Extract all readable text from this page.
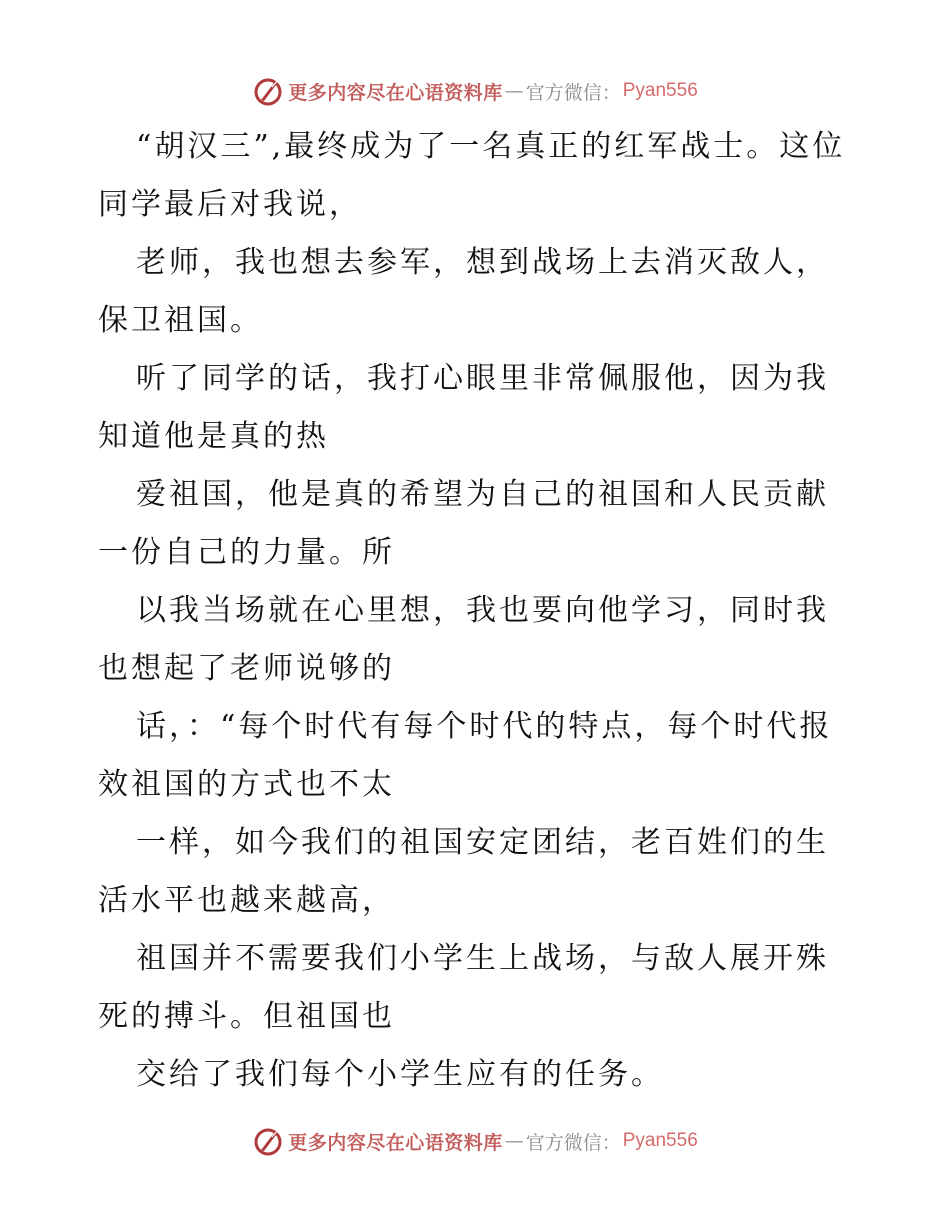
更多内容尽在心语资料库 — 官方微信： Pyan556

“胡汉三”,最终成为了一名真正的红军战士。这位同学最后对我说，

老师，我也想去参军，想到战场上去消灭敌人，保卫祖国。

听了同学的话，我打心眼里非常佩服他，因为我知道他是真的热

爱祖国，他是真的希望为自己的祖国和人民贡献一份自己的力量。所

以我当场就在心里想，我也要向他学习，同时我也想起了老师说够的

话，：“每个时代有每个时代的特点，每个时代报效祖国的方式也不太

一样，如今我们的祖国安定团结，老百姓们的生活水平也越来越高，

祖国并不需要我们小学生上战场，与敌人展开殊死的搏斗。但祖国也

交给了我们每个小学生应有的任务。

更多内容尽在心语资料库 — 官方微信： Pyan556
